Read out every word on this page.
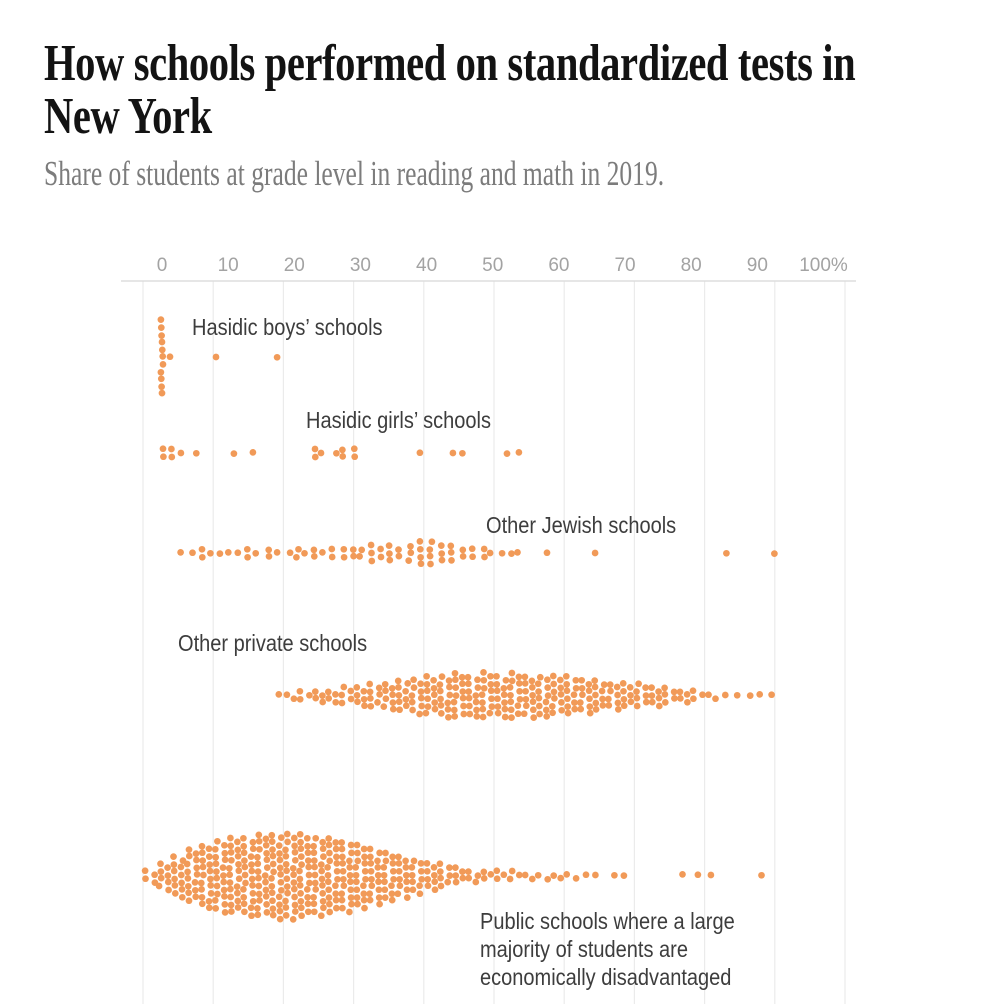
How schools performed on standardized tests in
New York
Share of students at grade level in reading and math in 2019.
0	10 20 30 40 50 60 70 80 90 100%
Hasidic boys’ schools
Hasidic girls’ schools
Other Jewish schools
Other private schools
Public schools where a large
majority of students are
economically disadvantaged
